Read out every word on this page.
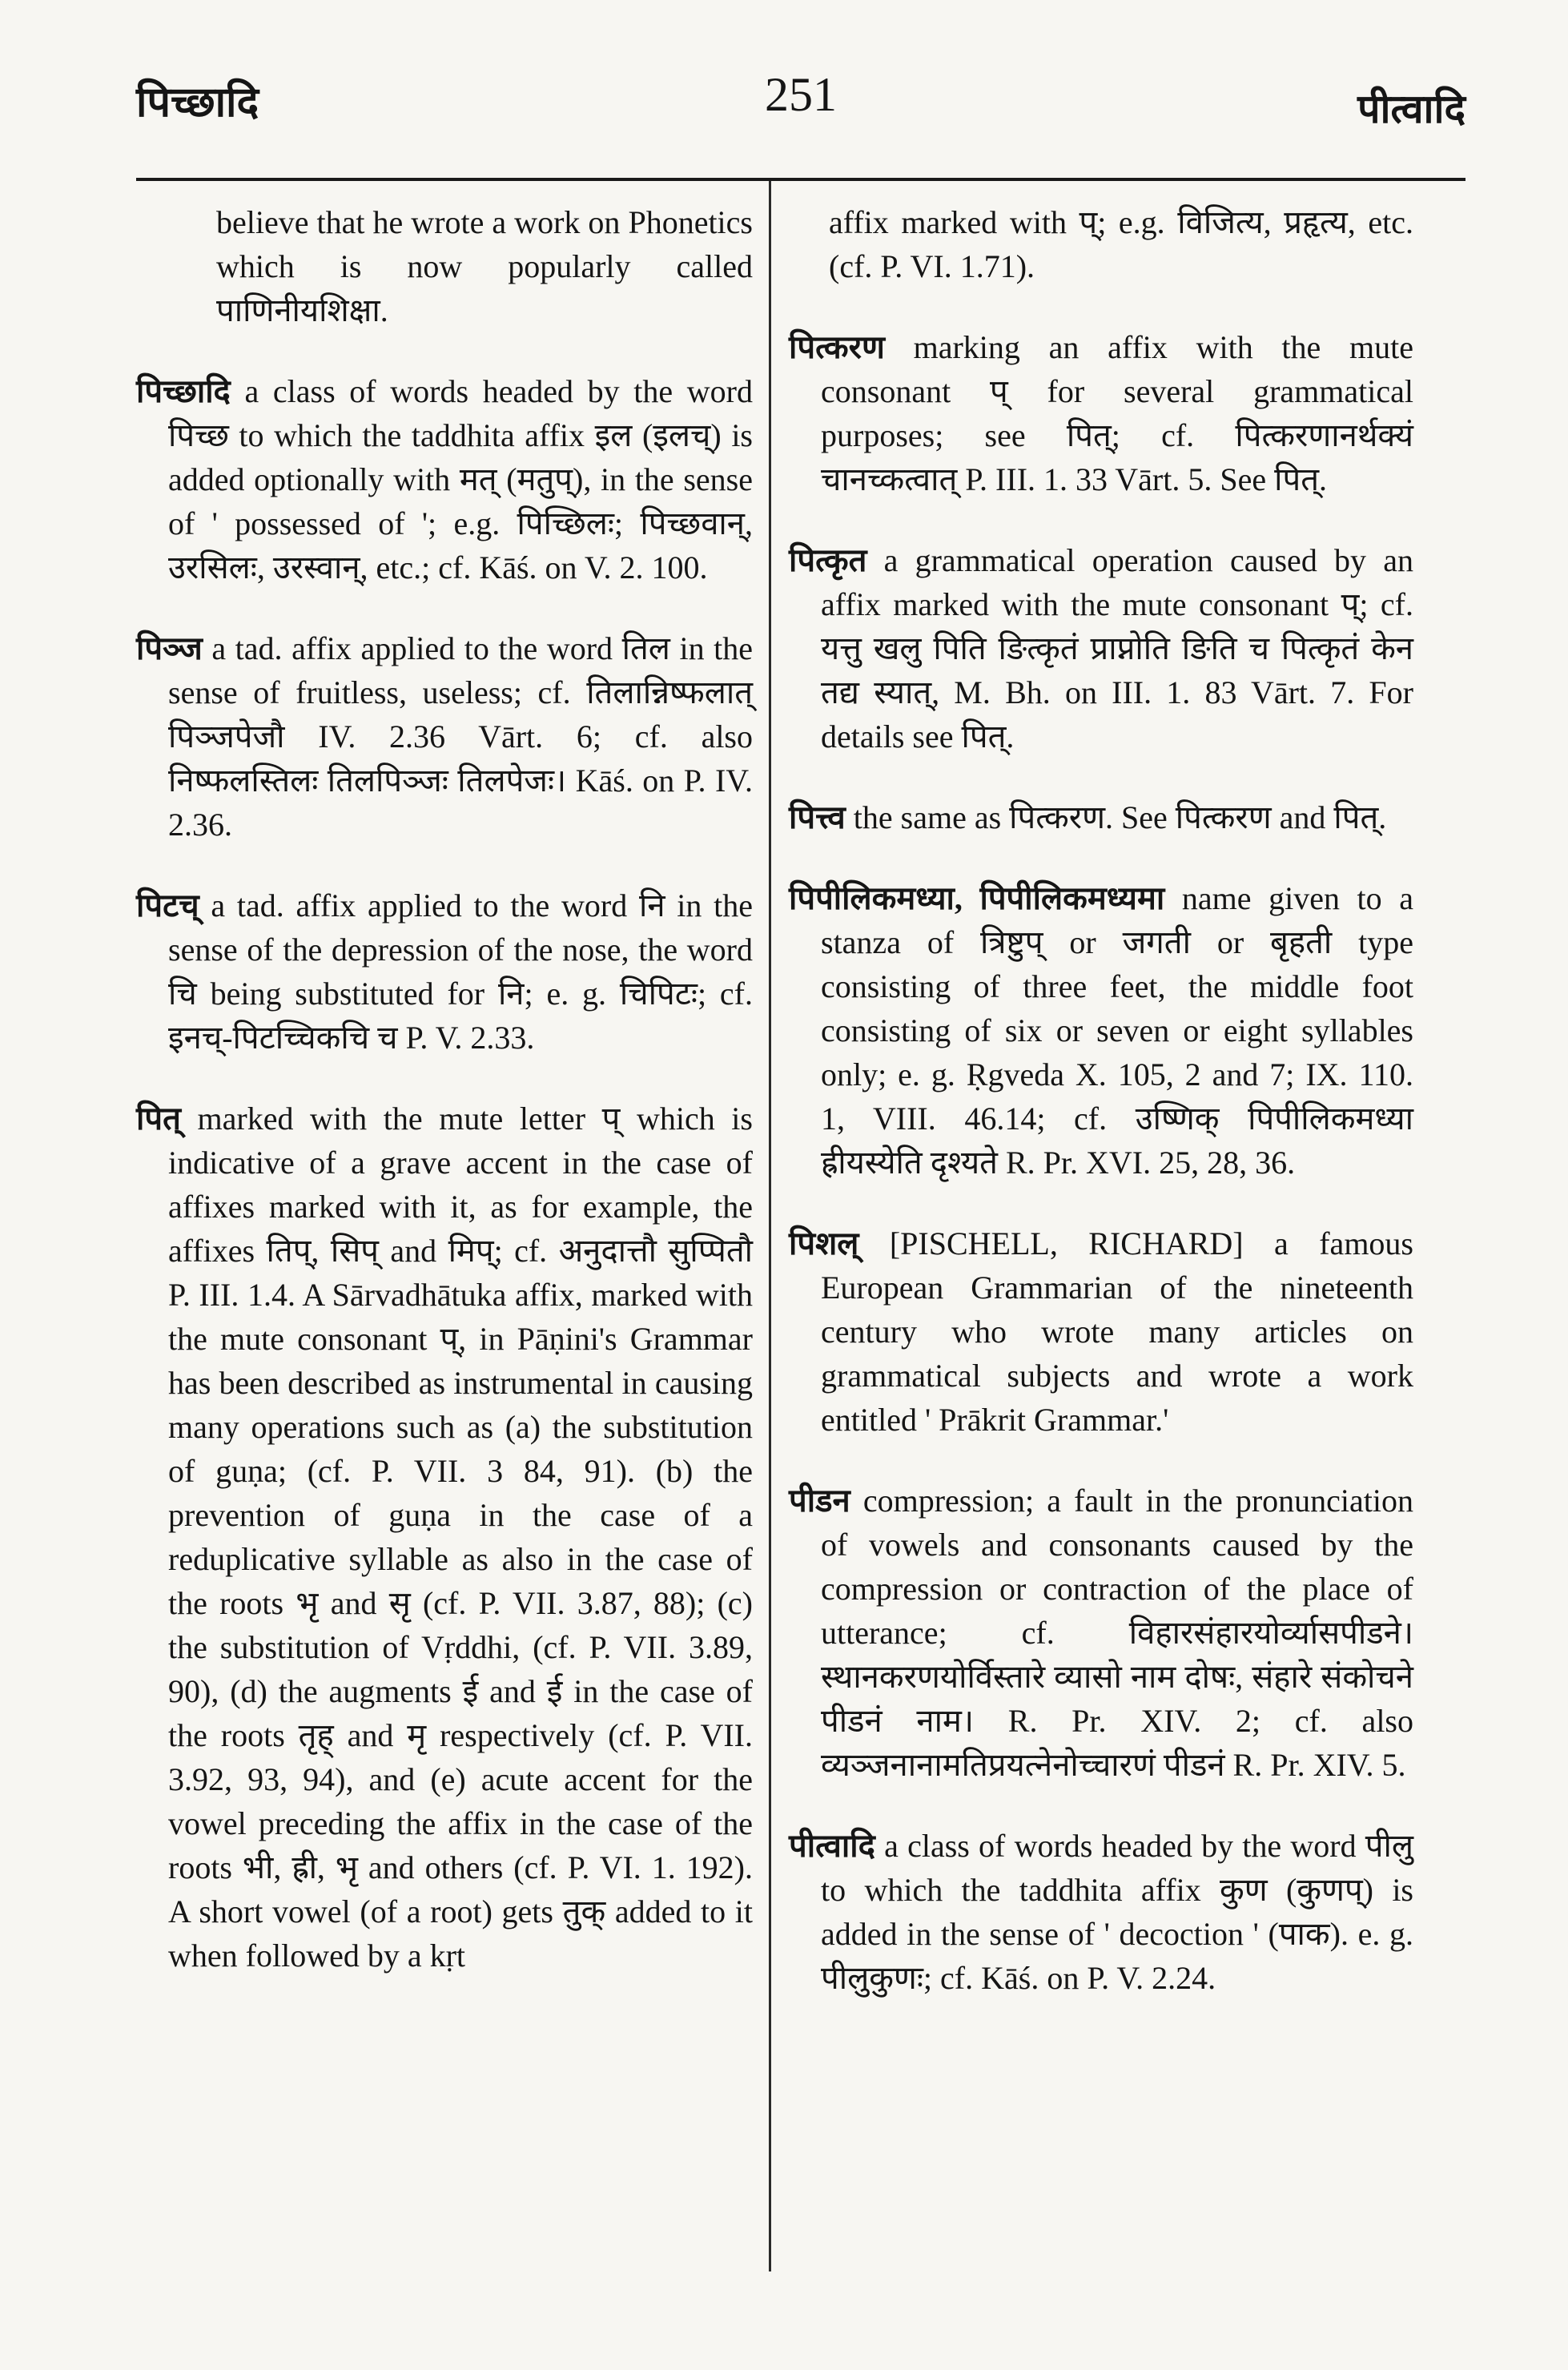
पिच्छादि	251	पीत्वादि

believe that he wrote a work on Phonetics which is now popularly called पाणिनीयशिक्षा.

पिच्छादि a class of words headed by the word पिच्छ to which the taddhita affix इल (इलच्) is added optionally with मत् (मतुप्), in the sense of ' possessed of '; e.g. पिच्छिलः; पिच्छवान्, उरसिलः, उरस्वान्, etc.; cf. Kāś. on V. 2. 100.

पिञ्ज a tad. affix applied to the word तिल in the sense of fruitless, useless; cf. तिलान्निष्फलात् पिञ्जपेजौ IV. 2.36 Vārt. 6; cf. also निष्फलस्तिलः तिलपिञ्जः तिलपेजः। Kāś. on P. IV. 2.36.

पिटच् a tad. affix applied to the word नि in the sense of the depression of the nose, the word चि being substituted for नि; e. g. चिपिटः; cf. इनच्-पिटच्चिकचि च P. V. 2.33.

पित् marked with the mute letter प् which is indicative of a grave accent in the case of affixes marked with it, as for example, the affixes तिप्, सिप् and मिप्; cf. अनुदात्तौ सुप्पितौ P. III. 1.4. A Sārvadhātuka affix, marked with the mute consonant प्, in Pāṇini's Grammar has been described as instrumental in causing many operations such as (a) the substitution of guṇa; (cf. P. VII. 3 84, 91). (b) the prevention of guṇa in the case of a reduplicative syllable as also in the case of the roots भृ and सृ (cf. P. VII. 3.87, 88); (c) the substitution of Vṛddhi, (cf. P. VII. 3.89, 90), (d) the augments ई and ई in the case of the roots तृह् and मृ respectively (cf. P. VII. 3.92, 93, 94), and (e) acute accent for the vowel preceding the affix in the case of the roots भी, ह्री, भृ and others (cf. P. VI. 1. 192). A short vowel (of a root) gets तुक् added to it when followed by a kṛt

affix marked with प्; e.g. विजित्य, प्रहृत्य, etc. (cf. P. VI. 1.71).

पित्करण marking an affix with the mute consonant प् for several grammatical purposes; see पित्; cf. पित्करणानर्थक्यं चानच्कत्वात् P. III. 1. 33 Vārt. 5. See पित्.

पित्कृत a grammatical operation caused by an affix marked with the mute consonant प्; cf. यत्तु खलु पिति ङित्कृतं प्राप्नोति ङिति च पित्कृतं केन तद्य स्यात्, M. Bh. on III. 1. 83 Vārt. 7. For details see पित्.

पित्त्व the same as पित्करण. See पित्करण and पित्.

पिपीलिकमध्या, पिपीलिकमध्यमा name given to a stanza of त्रिष्टुप् or जगती or बृहती type consisting of three feet, the middle foot consisting of six or seven or eight syllables only; e. g. Ṛgveda X. 105, 2 and 7; IX. 110. 1, VIII. 46.14; cf. उष्णिक् पिपीलिकमध्या ह्रीयस्येति दृश्यते R. Pr. XVI. 25, 28, 36.

पिशल् [PISCHELL, RICHARD] a famous European Grammarian of the nineteenth century who wrote many articles on grammatical subjects and wrote a work entitled ' Prākrit Grammar.'

पीडन compression; a fault in the pronunciation of vowels and consonants caused by the compression or contraction of the place of utterance; cf. विहारसंहारयोर्व्यासपीडने। स्थानकरणयोर्विस्तारे व्यासो नाम दोषः, संहारे संकोचने पीडनं नाम। R. Pr. XIV. 2; cf. also व्यञ्जनानामतिप्रयत्नेनोच्चारणं पीडनं R. Pr. XIV. 5.

पीत्वादि a class of words headed by the word पीलु to which the taddhita affix कुण (कुणप्) is added in the sense of ' decoction ' (पाक). e. g. पीलुकुणः; cf. Kāś. on P. V. 2.24.
